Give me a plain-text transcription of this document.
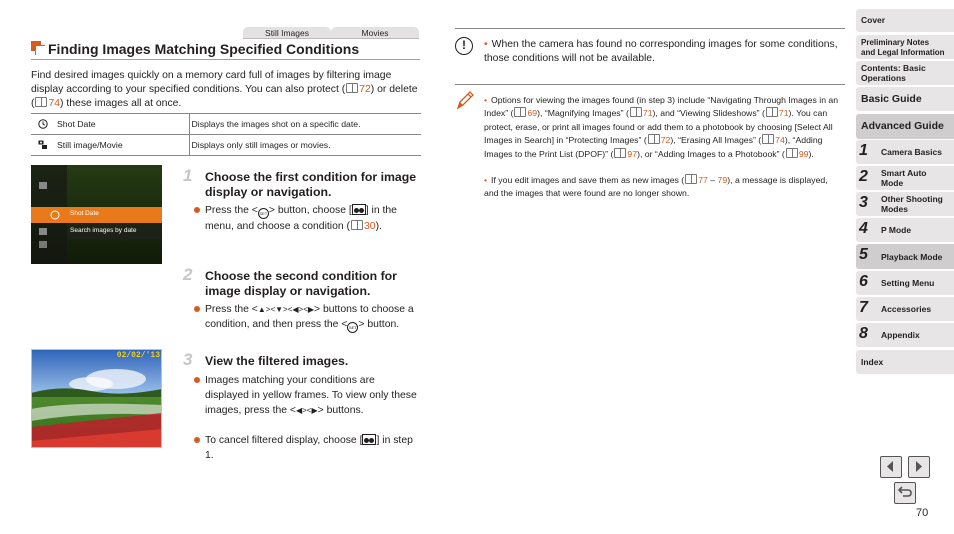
Still Images	Movies
Finding Images Matching Specified Conditions

Find desired images quickly on a memory card full of images by filtering image display according to your specified conditions. You can also protect ( 72) or delete ( 74) these images all at once.

Shot Date	Displays the images shot on a specific date.

Still image/Movie	Displays only still images or movies.
Shot Date
Search images by date
02/02/'13
1 Choose the first condition for image display or navigation.

Press the < SET > button, choose [ ] in the menu, and choose a condition ( 30).

2 Choose the second condition for image display or navigation.

Press the <▲><▼><◀><▶> buttons to choose a condition, and then press the < SET > button.

3 View the filtered images.

Images matching your conditions are displayed in yellow frames. To view only these images, press the <◀><▶> buttons.

To cancel filtered display, choose [ ] in step 1.

!	• When the camera has found no corresponding images for some conditions, those conditions will not be available.

• Options for viewing the images found (in step 3) include “Navigating Through Images in an Index” ( 69), “Magnifying Images” ( 71), and “Viewing Slideshows” ( 71). You can protect, erase, or print all images found or add them to a photobook by choosing [Select All Images in Search] in “Protecting Images” ( 72), “Erasing All Images” ( 74), “Adding Images to the Print List (DPOF)” ( 97), or “Adding Images to a Photobook” ( 99).

• If you edit images and save them as new images ( 77 – 79), a message is displayed, and the images that were found are no longer shown.

Cover
Preliminary Notes
and Legal Information
Contents: Basic
Operations
Basic Guide
Advanced Guide
1 Camera Basics
2 Smart Auto
Mode
3 Other Shooting
Modes
4 P Mode
5 Playback Mode
6 Setting Menu
7 Accessories
8 Appendix
Index
70
